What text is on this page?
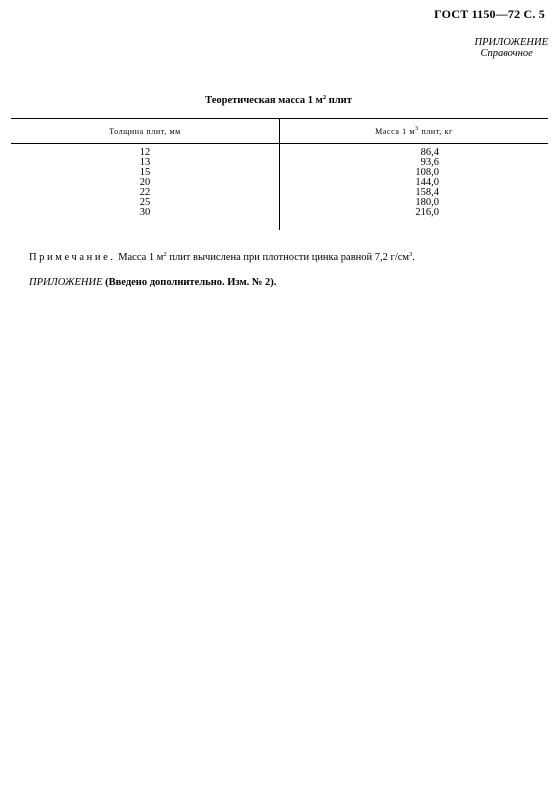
ГОСТ 1150—72 С. 5
ПРИЛОЖЕНИЕ
Справочное
Теоретическая масса 1 $м^2$ плит
Толщина плит, мм	Масса 1 $м^3$ плит, кг
12
13
15
20
22
25
30
86,4
93,6
108,0
144,0
158,4
180,0
216,0
Примечание. Масса 1 $м^2$ плит вычислена при плотности цинка равной 7,2 $г/см^3$.
ПРИЛОЖЕНИЕ (Введено дополнительно. Изм. № 2).
